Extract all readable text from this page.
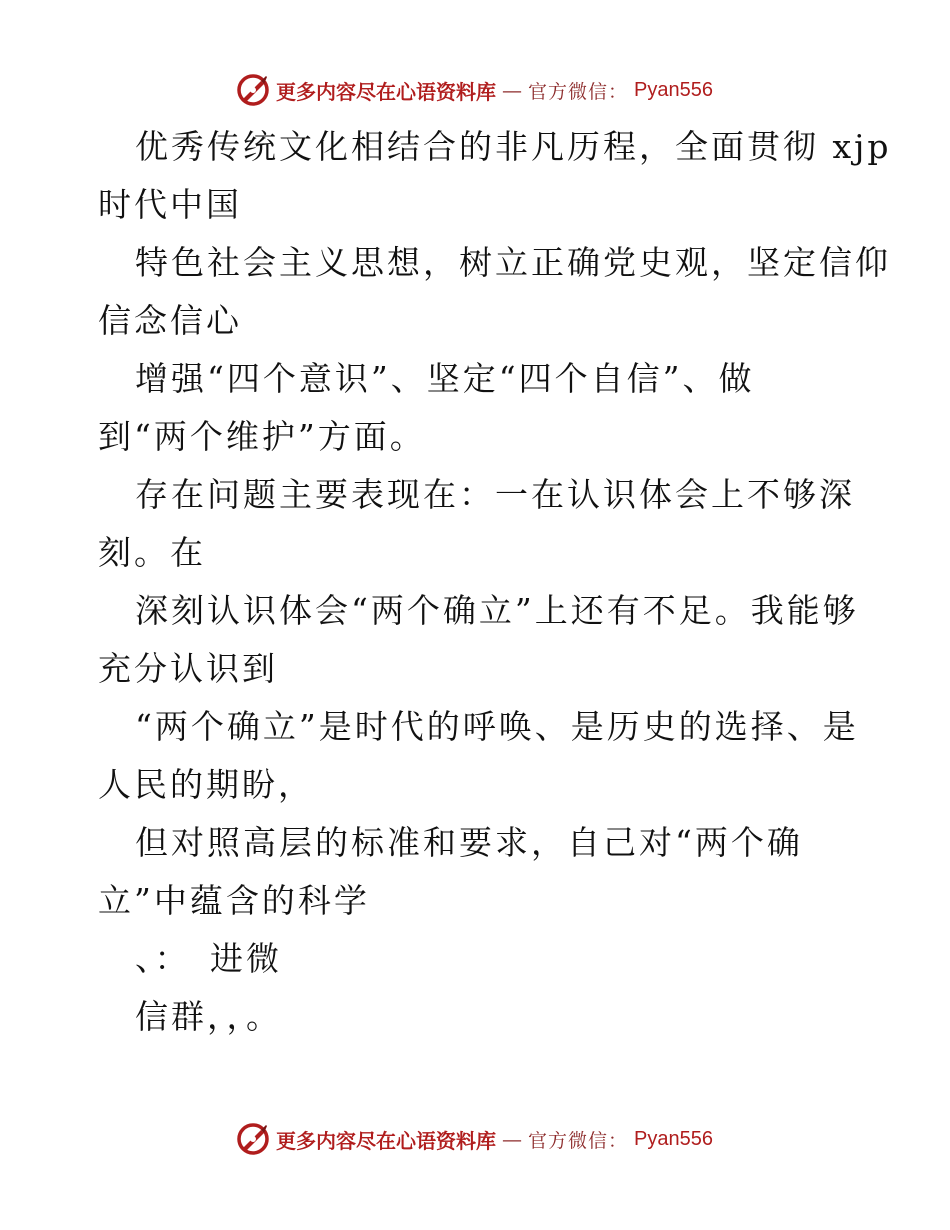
更多内容尽在心语资料库 — 官方微信： Pyan556
优秀传统文化相结合的非凡历程，全面贯彻 xjp
时代中国
特色社会主义思想，树立正确党史观，坚定信仰
信念信心
增强“四个意识”、坚定“四个自信”、做
到“两个维护”方面。
存在问题主要表现在：一在认识体会上不够深
刻。在
深刻认识体会“两个确立”上还有不足。我能够
充分认识到
“两个确立”是时代的呼唤、是历史的选择、是
人民的期盼，
但对照高层的标准和要求，自己对“两个确
立”中蕴含的科学
、：　进微
信群，，。
更多内容尽在心语资料库 — 官方微信： Pyan556
